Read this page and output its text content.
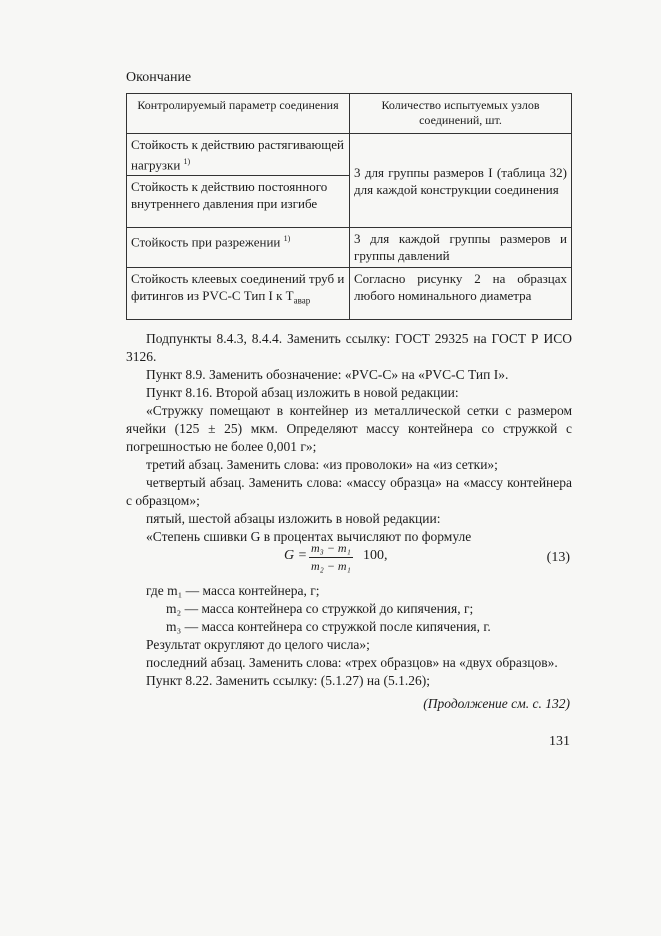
Окончание
Контролируемый параметр соединения	Количество испытуемых узлов соединений, шт.
Стойкость к действию растягивающей нагрузки $^{1)}$	3 для группы размеров I (таблица 32) для каждой конструкции соединения
Стойкость к действию постоянного внутреннего давления при изгибе	
Стойкость при разрежении $^{1)}$	3 для каждой группы размеров и группы давлений
Стойкость клеевых соединений труб и фитингов из PVC-C Тип I к $T_{авар}$	Согласно рисунку 2 на образцах любого номинального диаметра

Подпункты 8.4.3, 8.4.4. Заменить ссылку: ГОСТ 29325 на ГОСТ Р ИСО 3126.

Пункт 8.9. Заменить обозначение: «PVC-C» на «PVC-C Тип I».

Пункт 8.16. Второй абзац изложить в новой редакции:

«Стружку помещают в контейнер из металлической сетки с размером ячейки (125 ± 25) мкм. Определяют массу контейнера со стружкой с погрешностью не более 0,001 г»;

третий абзац. Заменить слова: «из проволоки» на «из сетки»;

четвертый абзац. Заменить слова: «массу образца» на «массу контейнера с образцом»;

пятый, шестой абзацы изложить в новой редакции:

«Степень сшивки G в процентах вычисляют по формуле

$G = \frac{\text{m₃ − m₁}}{\text{m₂ − m₁}} 100$,	(13)

где m₁ — масса контейнера, г;

m₂ — масса контейнера со стружкой до кипячения, г;

m₃ — масса контейнера со стружкой после кипячения, г.

Результат округляют до целого числа»;

последний абзац. Заменить слова: «трех образцов» на «двух образцов».

Пункт 8.22. Заменить ссылку: (5.1.27) на (5.1.26);

(Продолжение см. с. 132)
131
